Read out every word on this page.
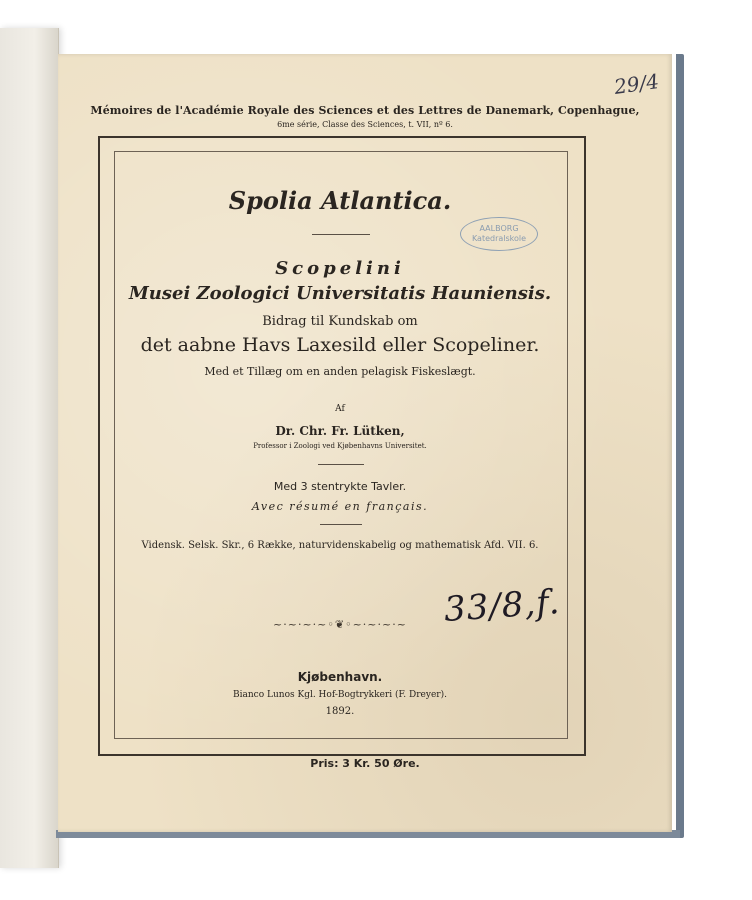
Mémoires de l'Académie Royale des Sciences et des Lettres de Danemark, Copenhague,
6me série, Classe des Sciences, t. VII, nº 6.
29/4
Spolia Atlantica.
AALBORG
Katedralskole
Scopelini
Musei Zoologici Universitatis Hauniensis.
Bidrag til Kundskab om
det aabne Havs Laxesild eller Scopeliner.
Med et Tillæg om en anden pelagisk Fiskeslægt.
Af
Dr. Chr. Fr. Lütken,
Professor i Zoologi ved Kjøbenhavns Universitet.
Med 3 stentrykte Tavler.
Avec résumé en français.
Vidensk. Selsk. Skr., 6 Række, naturvidenskabelig og mathematisk Afd. VII. 6.
33/8,f.
~·~·~·~◦❦◦~·~·~·~
Kjøbenhavn.
Bianco Lunos Kgl. Hof-Bogtrykkeri (F. Dreyer).
1892.
Pris: 3 Kr. 50 Øre.
